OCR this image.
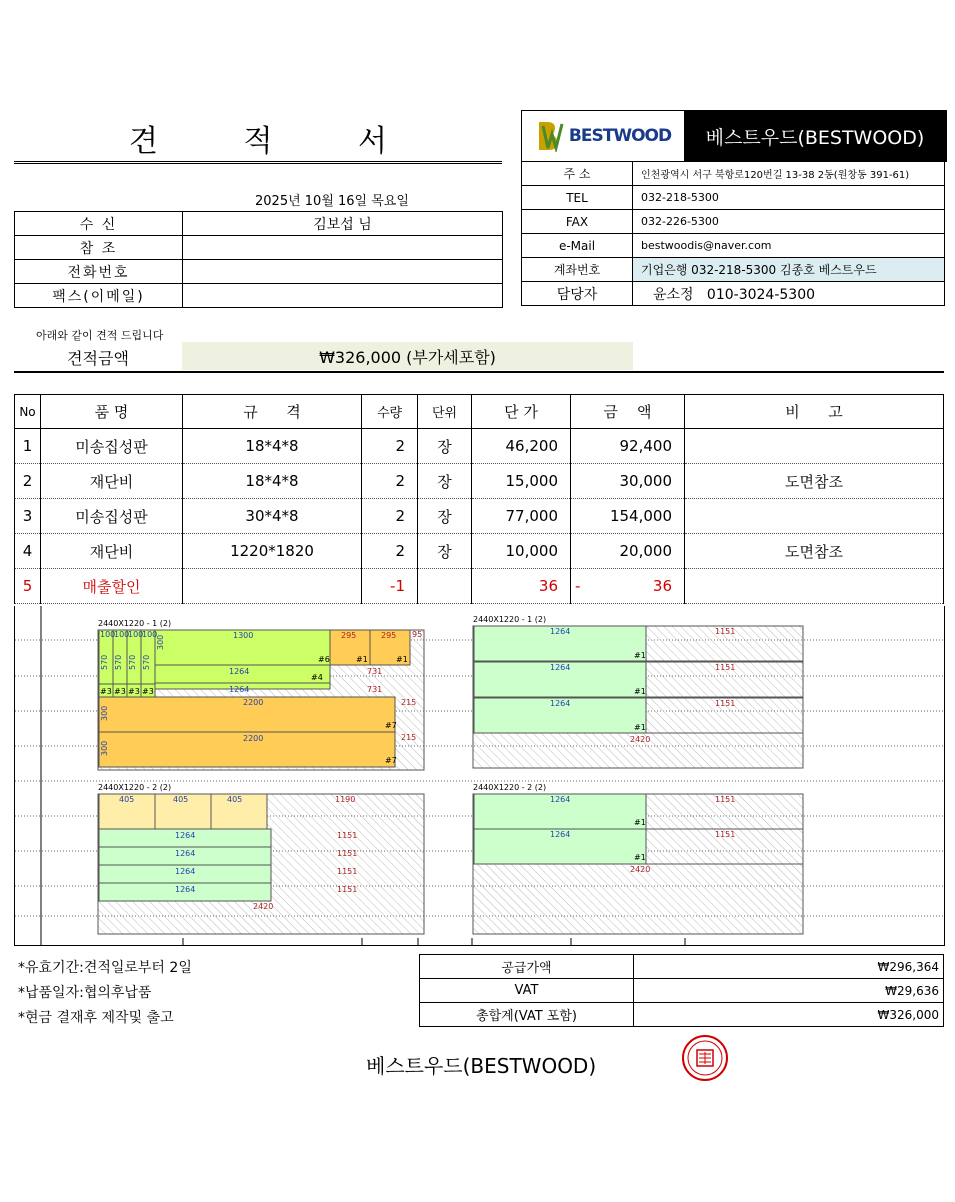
견 적 서
2025년 10월 16일 목요일
수 신	김보섭 님
참 조	
전화번호	
팩스(이메일)	
BESTWOOD	베스트우드(BESTWOOD)
주 소	인천광역시 서구 북항로120번길 13-38 2동(원창동 391-61)
TEL	032-218-5300
FAX	032-226-5300
e-Mail	bestwoodis@naver.com
계좌번호	기업은행 032-218-5300 김종호 베스트우드
담당자	윤소정   010-3024-5300
아래와 같이 견적 드립니다
견적금액	₩326,000 (부가세포함)
No	품 명	규      격	수량	단위	단 가	금    액	비      고
1	미송집성판	18*4*8	2	장	46,200	92,400	
2	재단비	18*4*8	2	장	15,000	30,000	도면참조
3	미송집성판	30*4*8	2	장	77,000	154,000	
4	재단비	1220*1820	2	장	10,000	20,000	도면참조
5	매출할인		-1		36	- 36	

2440X1220 - 1 (2)
100
100
100
100	1300
1264
1264
2200
2200
570 570 570 570
300
300
300
#6	#1	#1
#7
#7
#3 #3 #3 #3
#4
295	295 95
731
731
215
215
2440X1220 - 1 (2)
1264
1264
1264
1151
1151
1151
2420
#1
#1
#1
2440X1220 - 2 (2)
405	405	405
1264
1264
1264
1264
1190
1151
1151
1151
1151
2420
2440X1220 - 2 (2)
1264
1264
1151
1151
2420
#1
#1
*유효기간:견적일로부터 2일
*납품일자:협의후납품
*현금 결재후 제작및 출고
공급가액	₩296,364
VAT	₩29,636
총합계(VAT 포함)	₩326,000
베스트우드(BESTWOOD)
